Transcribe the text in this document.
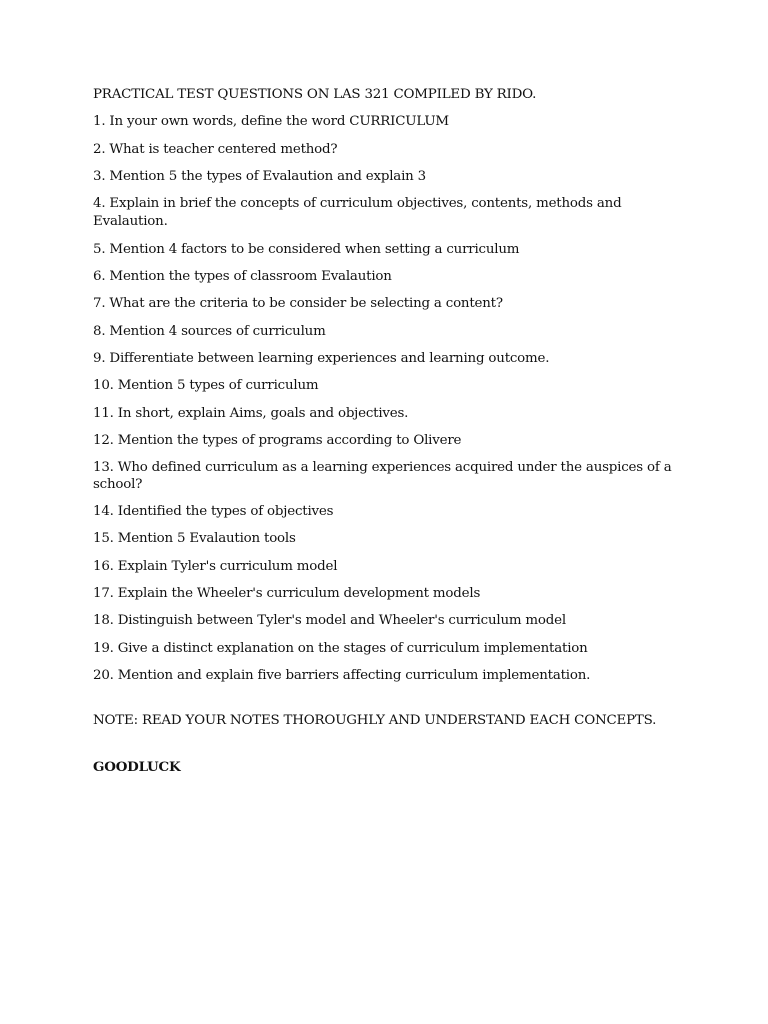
PRACTICAL TEST QUESTIONS ON LAS 321 COMPILED BY RIDO.
1. In your own words, define the word CURRICULUM
2. What is teacher centered method?
3. Mention 5 the types of Evalaution and explain 3
4. Explain in brief the concepts of curriculum objectives, contents, methods and Evalaution.
5. Mention 4 factors to be considered when setting a curriculum
6. Mention the types of classroom Evalaution
7. What are the criteria to be consider be selecting a content?
8. Mention 4 sources of curriculum
9. Differentiate between learning experiences and learning outcome.
10. Mention 5 types of curriculum
11. In short, explain Aims, goals and objectives.
12. Mention the types of programs according to Olivere
13. Who defined curriculum as a learning experiences acquired under the auspices of a school?
14. Identified the types of objectives
15. Mention 5 Evalaution tools
16. Explain Tyler's curriculum model
17. Explain the Wheeler's curriculum development models
18. Distinguish between Tyler's model and Wheeler's curriculum model
19. Give a distinct explanation on the stages of curriculum implementation
20. Mention and explain five barriers affecting curriculum implementation.
NOTE: READ YOUR NOTES THOROUGHLY AND UNDERSTAND EACH CONCEPTS.
GOODLUCK
